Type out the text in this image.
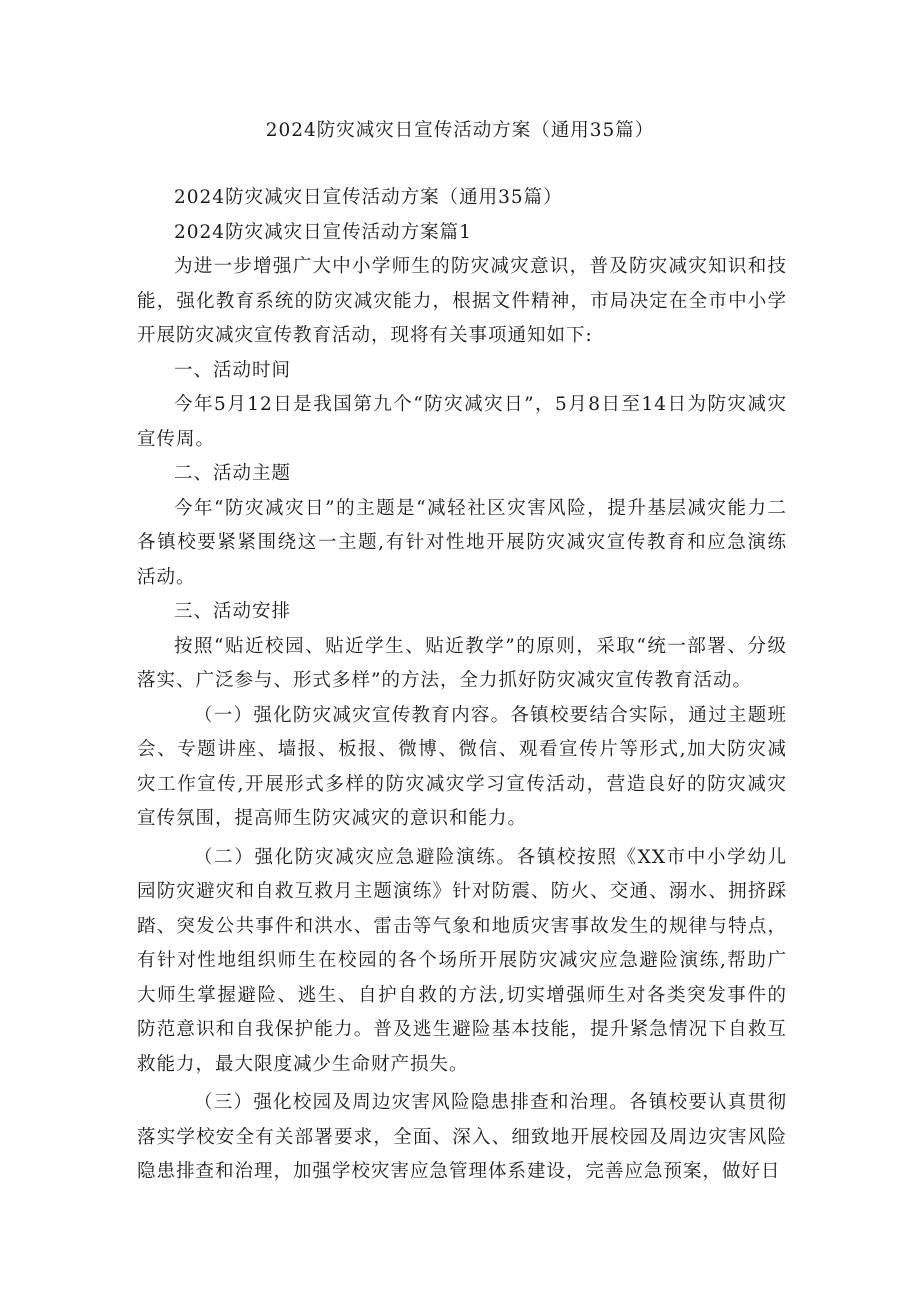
2024防灾减灾日宣传活动方案（通用35篇）

2024防灾减灾日宣传活动方案（通用35篇）

2024防灾减灾日宣传活动方案篇1

为进一步增强广大中小学师生的防灾减灾意识，普及防灾减灾知识和技能，强化教育系统的防灾减灾能力，根据文件精神，市局决定在全市中小学开展防灾减灾宣传教育活动，现将有关事项通知如下:

一、活动时间

今年5月12日是我国第九个“防灾减灾日”，5月8日至14日为防灾减灾宣传周。

二、活动主题

今年“防灾减灾日”的主题是“减轻社区灾害风险，提升基层减灾能力二各镇校要紧紧围绕这一主题,有针对性地开展防灾减灾宣传教育和应急演练活动。

三、活动安排

按照“贴近校园、贴近学生、贴近教学”的原则，采取“统一部署、分级落实、广泛参与、形式多样”的方法，全力抓好防灾减灾宣传教育活动。

（一）强化防灾减灾宣传教育内容。各镇校要结合实际，通过主题班会、专题讲座、墙报、板报、微博、微信、观看宣传片等形式,加大防灾减灾工作宣传,开展形式多样的防灾减灾学习宣传活动，营造良好的防灾减灾宣传氛围，提高师生防灾减灾的意识和能力。

（二）强化防灾减灾应急避险演练。各镇校按照《XX市中小学幼儿园防灾避灾和自救互救月主题演练》针对防震、防火、交通、溺水、拥挤踩踏、突发公共事件和洪水、雷击等气象和地质灾害事故发生的规律与特点，有针对性地组织师生在校园的各个场所开展防灾减灾应急避险演练,帮助广大师生掌握避险、逃生、自护自救的方法,切实增强师生对各类突发事件的防范意识和自我保护能力。普及逃生避险基本技能，提升紧急情况下自救互救能力，最大限度减少生命财产损失。

（三）强化校园及周边灾害风险隐患排查和治理。各镇校要认真贯彻落实学校安全有关部署要求，全面、深入、细致地开展校园及周边灾害风险隐患排查和治理，加强学校灾害应急管理体系建设，完善应急预案，做好日
